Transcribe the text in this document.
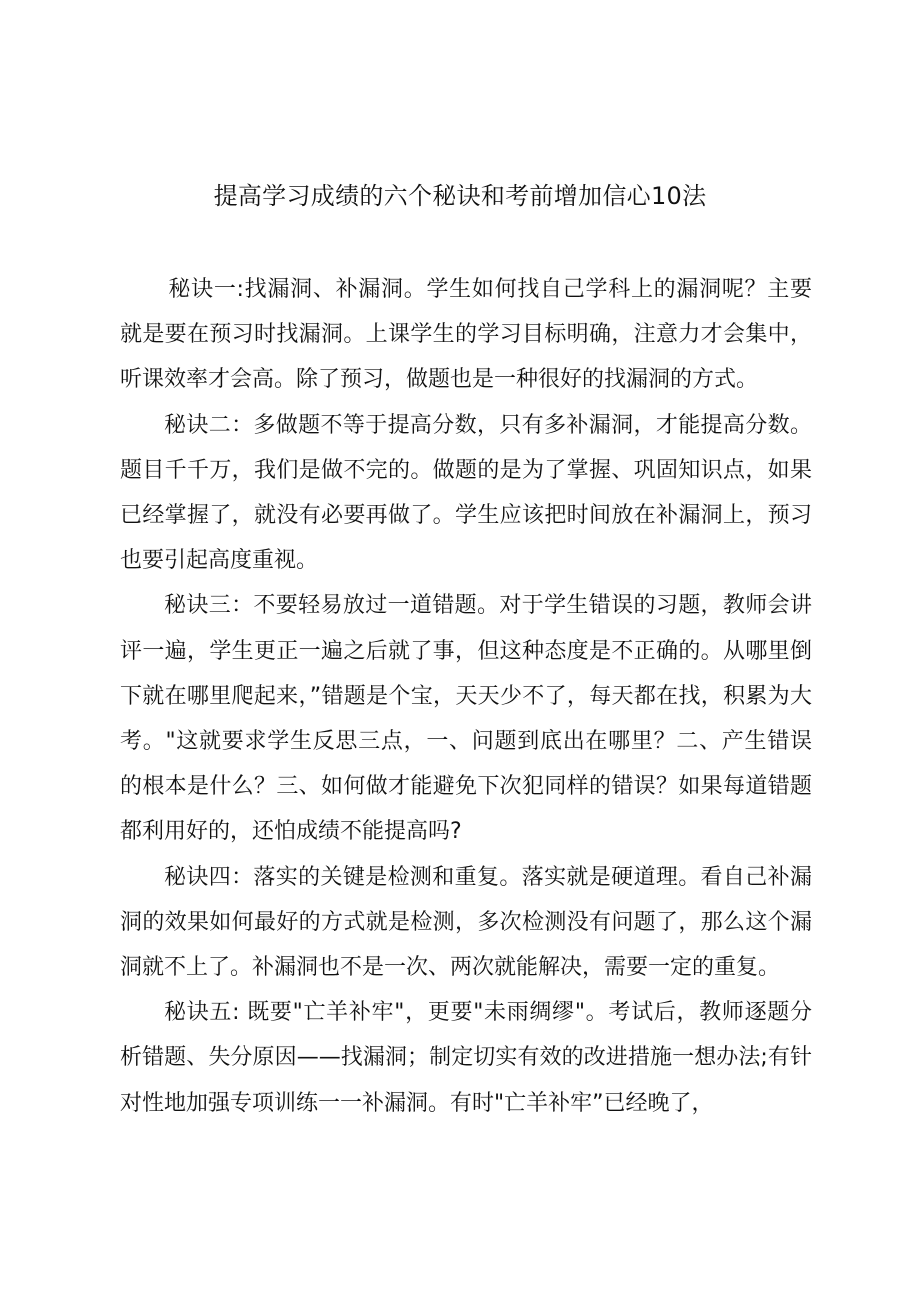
提高学习成绩的六个秘诀和考前增加信心10法

秘诀一:找漏洞、补漏洞。学生如何找自己学科上的漏洞呢？主要就是要在预习时找漏洞。上课学生的学习目标明确，注意力才会集中，听课效率才会高。除了预习，做题也是一种很好的找漏洞的方式。

秘诀二：多做题不等于提高分数，只有多补漏洞，才能提高分数。题目千千万，我们是做不完的。做题的是为了掌握、巩固知识点，如果已经掌握了，就没有必要再做了。学生应该把时间放在补漏洞上，预习也要引起高度重视。

秘诀三：不要轻易放过一道错题。对于学生错误的习题，教师会讲评一遍，学生更正一遍之后就了事，但这种态度是不正确的。从哪里倒下就在哪里爬起来，”错题是个宝，天天少不了，每天都在找，积累为大考。"这就要求学生反思三点，一、问题到底出在哪里？二、产生错误的根本是什么？三、如何做才能避免下次犯同样的错误？如果每道错题都利用好的，还怕成绩不能提高吗?

秘诀四：落实的关键是检测和重复。落实就是硬道理。看自己补漏洞的效果如何最好的方式就是检测，多次检测没有问题了，那么这个漏洞就不上了。补漏洞也不是一次、两次就能解决，需要一定的重复。

秘诀五: 既要"亡羊补牢"，更要"未雨绸缪"。考试后，教师逐题分析错题、失分原因——找漏洞；制定切实有效的改进措施一想办法;有针对性地加强专项训练一一补漏洞。有时"亡羊补牢”已经晚了，
